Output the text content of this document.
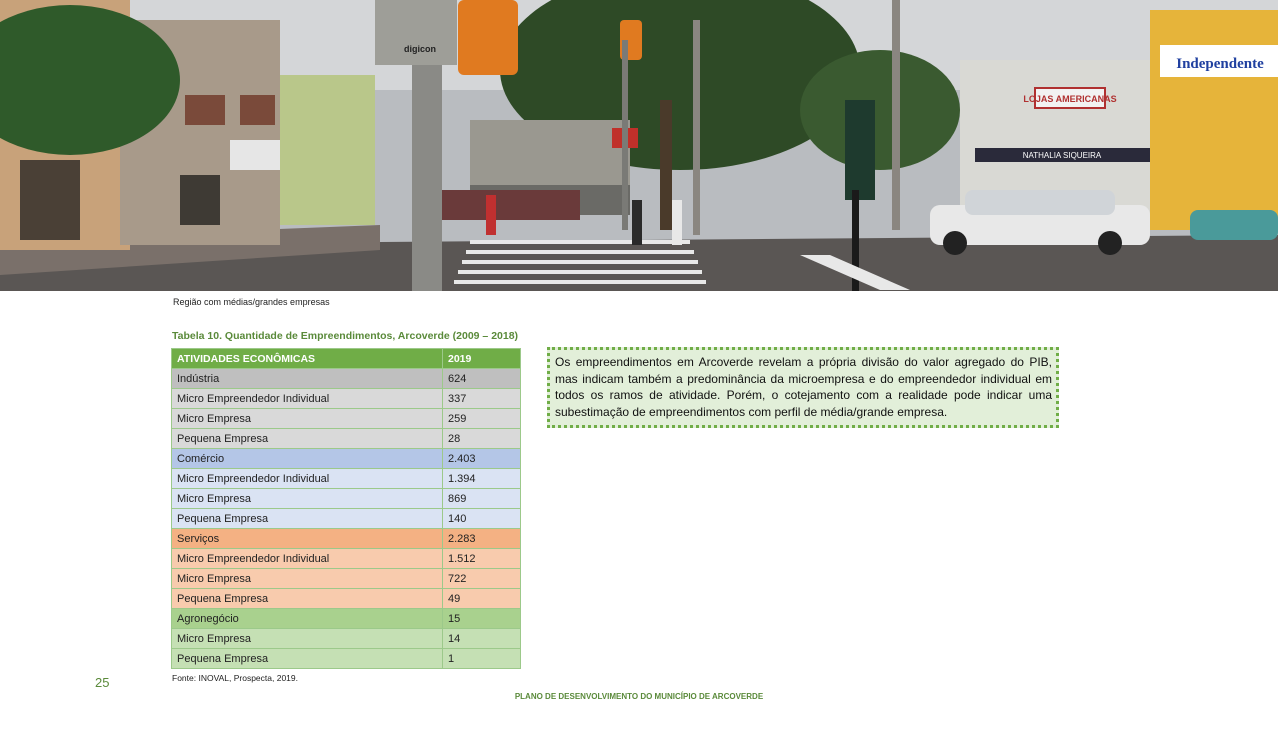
LOJAS AMERICANAS
NATHALIA SIQUEIRA
Independente
digicon
Região com médias/grandes empresas
Tabela 10. Quantidade de Empreendimentos, Arcoverde (2009 – 2018)
ATIVIDADES ECONÔMICAS	2019
Indústria	624
Micro Empreendedor Individual	337
Micro Empresa	259
Pequena Empresa	28
Comércio	2.403
Micro Empreendedor Individual	1.394
Micro Empresa	869
Pequena Empresa	140
Serviços	2.283
Micro Empreendedor Individual	1.512
Micro Empresa	722
Pequena Empresa	49
Agronegócio	15
Micro Empresa	14
Pequena Empresa	1
Fonte: INOVAL, Prospecta, 2019.
Os empreendimentos em Arcoverde revelam a própria divisão do valor agregado do PIB, mas indicam também a predominância da microempresa e do empreendedor individual em todos os ramos de atividade. Porém, o cotejamento com a realidade pode indicar uma subestimação de empreendimentos com perfil de média/grande empresa.
25
PLANO DE DESENVOLVIMENTO DO MUNICÍPIO DE ARCOVERDE
